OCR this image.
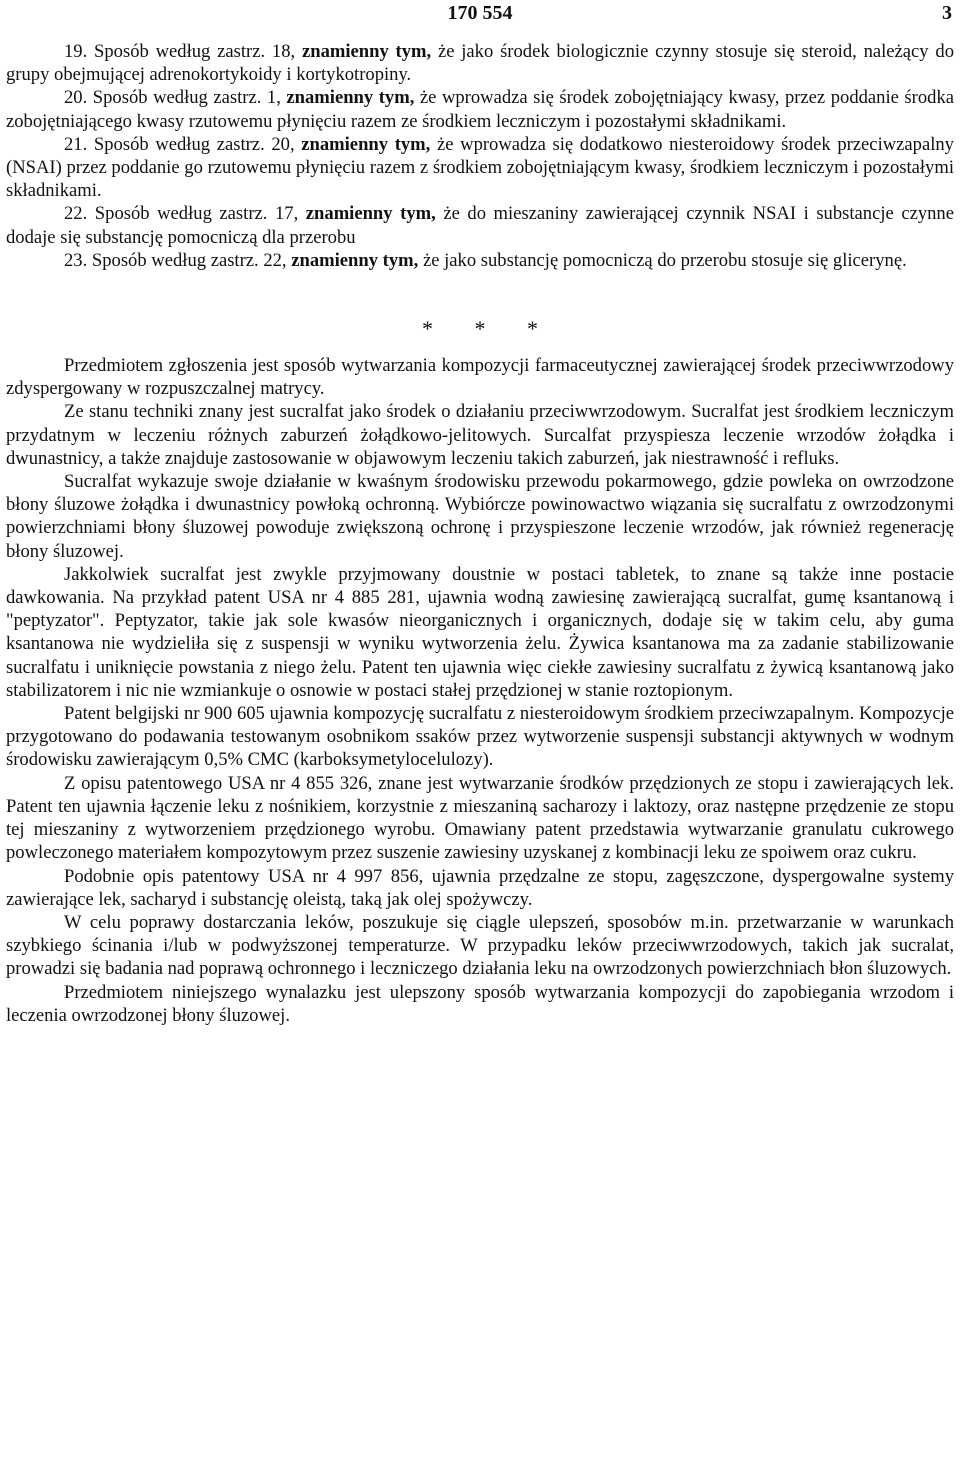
170 554	3

19. Sposób według zastrz. 18, znamienny tym, że jako środek biologicznie czynny stosuje się steroid, należący do grupy obejmującej adrenokortykoidy i kortykotropiny.

20. Sposób według zastrz. 1, znamienny tym, że wprowadza się środek zobojętniający kwasy, przez poddanie środka zobojętniającego kwasy rzutowemu płynięciu razem ze środkiem leczniczym i pozostałymi składnikami.

21. Sposób według zastrz. 20, znamienny tym, że wprowadza się dodatkowo niesteroidowy środek przeciwzapalny (NSAI) przez poddanie go rzutowemu płynięciu razem z środkiem zobojętniającym kwasy, środkiem leczniczym i pozostałymi składnikami.

22. Sposób według zastrz. 17, znamienny tym, że do mieszaniny zawierającej czynnik NSAI i substancje czynne dodaje się substancję pomocniczą dla przerobu

23. Sposób według zastrz. 22, znamienny tym, że jako substancję pomocniczą do przerobu stosuje się glicerynę.

* * *

Przedmiotem zgłoszenia jest sposób wytwarzania kompozycji farmaceutycznej zawierającej środek przeciwwrzodowy zdyspergowany w rozpuszczalnej matrycy.

Ze stanu techniki znany jest sucralfat jako środek o działaniu przeciwwrzodowym. Sucralfat jest środkiem leczniczym przydatnym w leczeniu różnych zaburzeń żołądkowo-jelitowych. Surcalfat przyspiesza leczenie wrzodów żołądka i dwunastnicy, a także znajduje zastosowanie w objawowym leczeniu takich zaburzeń, jak niestrawność i refluks.

Sucralfat wykazuje swoje działanie w kwaśnym środowisku przewodu pokarmowego, gdzie powleka on owrzodzone błony śluzowe żołądka i dwunastnicy powłoką ochronną. Wybiórcze powinowactwo wiązania się sucralfatu z owrzodzonymi powierzchniami błony śluzowej powoduje zwiększoną ochronę i przyspieszone leczenie wrzodów, jak również regenerację błony śluzowej.

Jakkolwiek sucralfat jest zwykle przyjmowany doustnie w postaci tabletek, to znane są także inne postacie dawkowania. Na przykład patent USA nr 4 885 281, ujawnia wodną zawiesinę zawierającą sucralfat, gumę ksantanową i "peptyzator". Peptyzator, takie jak sole kwasów nieorganicznych i organicznych, dodaje się w takim celu, aby guma ksantanowa nie wydzieliła się z suspensji w wyniku wytworzenia żelu. Żywica ksantanowa ma za zadanie stabilizowanie sucralfatu i uniknięcie powstania z niego żelu. Patent ten ujawnia więc ciekłe zawiesiny sucralfatu z żywicą ksantanową jako stabilizatorem i nic nie wzmiankuje o osnowie w postaci stałej przędzionej w stanie roztopionym.

Patent belgijski nr 900 605 ujawnia kompozycję sucralfatu z niesteroidowym środkiem przeciwzapalnym. Kompozycje przygotowano do podawania testowanym osobnikom ssaków przez wytworzenie suspensji substancji aktywnych w wodnym środowisku zawierającym 0,5% CMC (karboksymetylocelulozy).

Z opisu patentowego USA nr 4 855 326, znane jest wytwarzanie środków przędzionych ze stopu i zawierających lek. Patent ten ujawnia łączenie leku z nośnikiem, korzystnie z mieszaniną sacharozy i laktozy, oraz następne przędzenie ze stopu tej mieszaniny z wytworzeniem przędzionego wyrobu. Omawiany patent przedstawia wytwarzanie granulatu cukrowego powleczonego materiałem kompozytowym przez suszenie zawiesiny uzyskanej z kombinacji leku ze spoiwem oraz cukru.

Podobnie opis patentowy USA nr 4 997 856, ujawnia przędzalne ze stopu, zagęszczone, dyspergowalne systemy zawierające lek, sacharyd i substancję oleistą, taką jak olej spożywczy.

W celu poprawy dostarczania leków, poszukuje się ciągle ulepszeń, sposobów m.in. przetwarzanie w warunkach szybkiego ścinania i/lub w podwyższonej temperaturze. W przypadku leków przeciwwrzodowych, takich jak sucralat, prowadzi się badania nad poprawą ochronnego i leczniczego działania leku na owrzodzonych powierzchniach błon śluzowych.

Przedmiotem niniejszego wynalazku jest ulepszony sposób wytwarzania kompozycji do zapobiegania wrzodom i leczenia owrzodzonej błony śluzowej.
